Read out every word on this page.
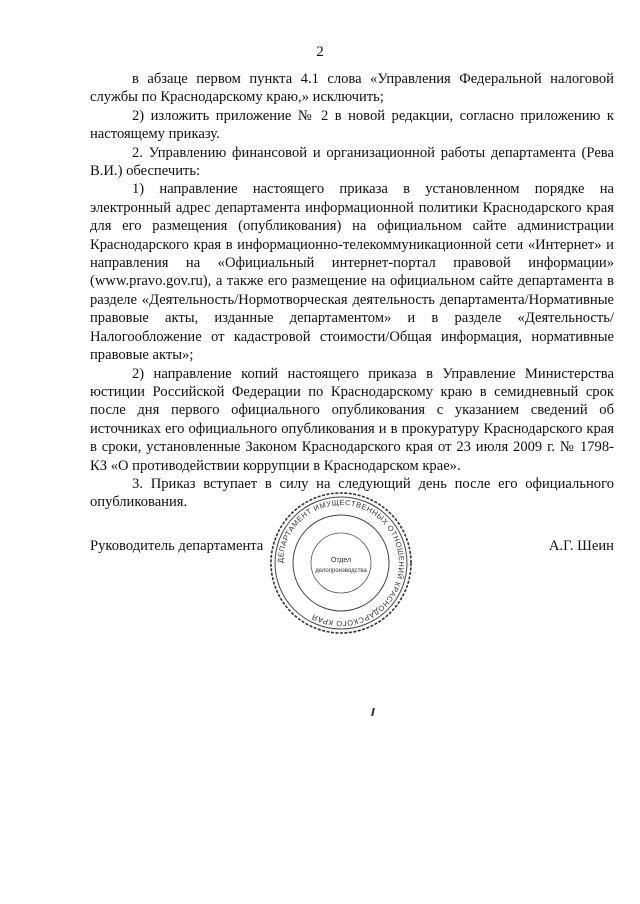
2

в абзаце первом пункта 4.1 слова «Управления Федеральной налоговой службы по Краснодарскому краю,» исключить;

2) изложить приложение № 2 в новой редакции, согласно приложению к настоящему приказу.

2. Управлению финансовой и организационной работы департамента (Рева В.И.) обеспечить:

1) направление настоящего приказа в установленном порядке на электронный адрес департамента информационной политики Краснодарского края для его размещения (опубликования) на официальном сайте администрации Краснодарского края в информационно-телекоммуникационной сети «Интернет» и направления на «Официальный интернет-портал правовой информации» (www.pravo.gov.ru), а также его размещение на официальном сайте департамента в разделе «Деятельность/Нормотворческая деятельность департамента/Нормативные правовые акты, изданные департаментом» и в разделе «Деятельность/Налогообложение от кадастровой стоимости/Общая информация, нормативные правовые акты»;

2) направление копий настоящего приказа в Управление Министерства юстиции Российской Федерации по Краснодарскому краю в семидневный срок после дня первого официального опубликования с указанием сведений об источниках его официального опубликования и в прокуратуру Краснодарского края в сроки, установленные Законом Краснодарского края от 23 июля 2009 г. № 1798-КЗ «О противодействии коррупции в Краснодарском крае».

3. Приказ вступает в силу на следующий день после его официального опубликования.

ДЕПАРТАМЕНТ ИМУЩЕСТВЕННЫХ ОТНОШЕНИЙ КРАСНОДАРСКОГО КРАЯ
Отдел
делопроизводства
Руководитель департамента	А.Г. Шеин
